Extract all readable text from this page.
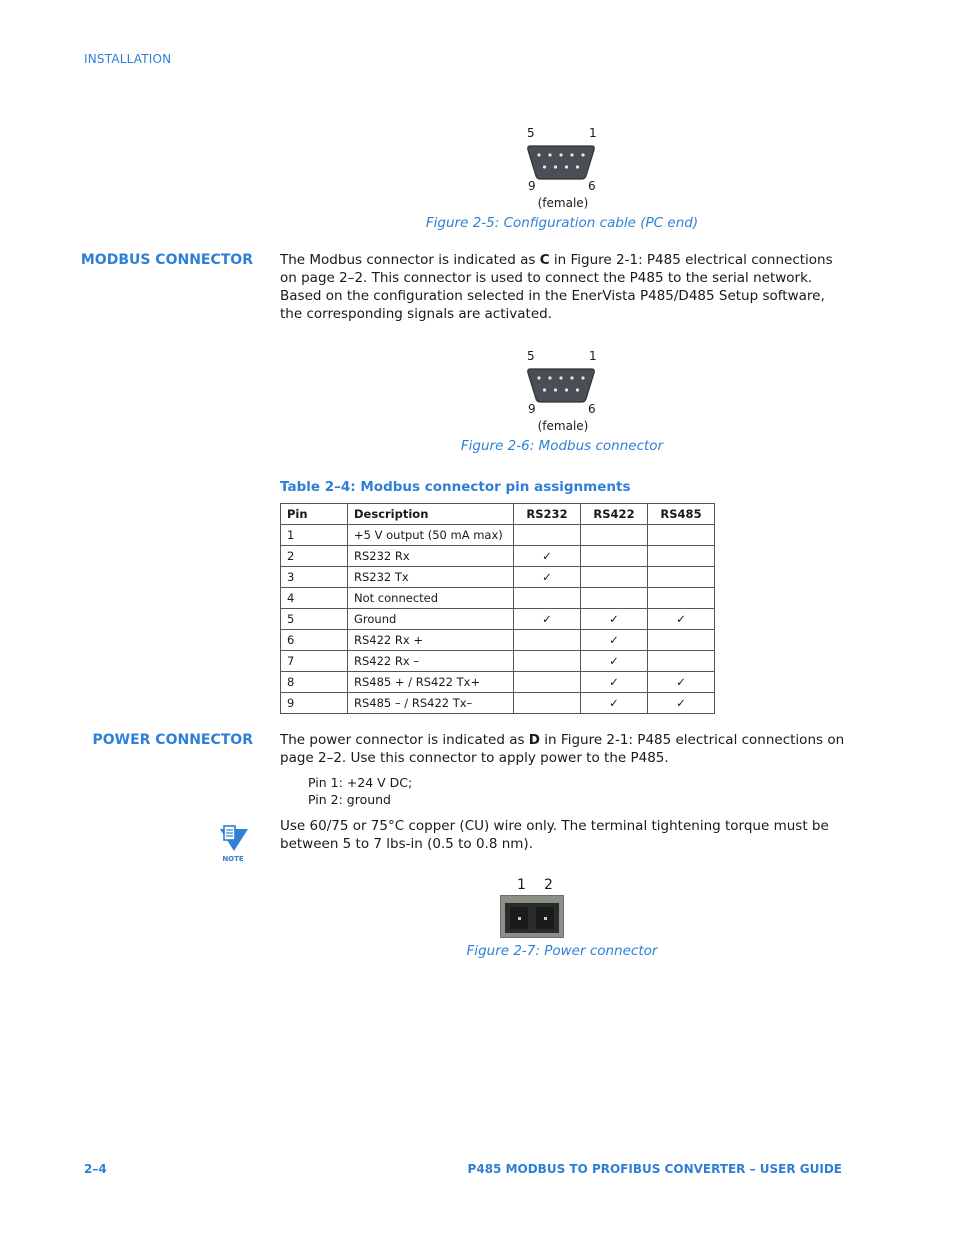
INSTALLATION
5	1
9	6
(female)
Figure 2-5: Configuration cable (PC end)
MODBUS CONNECTOR The Modbus connector is indicated as C in Figure 2-1: P485 electrical connections on page 2–2. This connector is used to connect the P485 to the serial network. Based on the configuration selected in the EnerVista P485/D485 Setup software, the corresponding signals are activated.
5	1
9	6
(female)
Figure 2-6: Modbus connector
Table 2–4: Modbus connector pin assignments
Pin	Description	RS232	RS422	RS485
1	+5 V output (50 mA max)			
2	RS232 Rx	✓		
3	RS232 Tx	✓		
4	Not connected			
5	Ground	✓	✓	✓
6	RS422 Rx +		✓	
7	RS422 Rx –		✓	
8	RS485 + / RS422 Tx+		✓	✓
9	RS485 – / RS422 Tx–		✓	✓
POWER CONNECTOR The power connector is indicated as D in Figure 2-1: P485 electrical connections on page 2–2. Use this connector to apply power to the P485.
Pin 1: +24 V DC;
Pin 2: ground
NOTE
Use 60/75 or 75°C copper (CU) wire only. The terminal tightening torque must be between 5 to 7 lbs-in (0.5 to 0.8 nm).
1 2
Figure 2-7: Power connector
2–4	P485 MODBUS TO PROFIBUS CONVERTER – USER GUIDE
